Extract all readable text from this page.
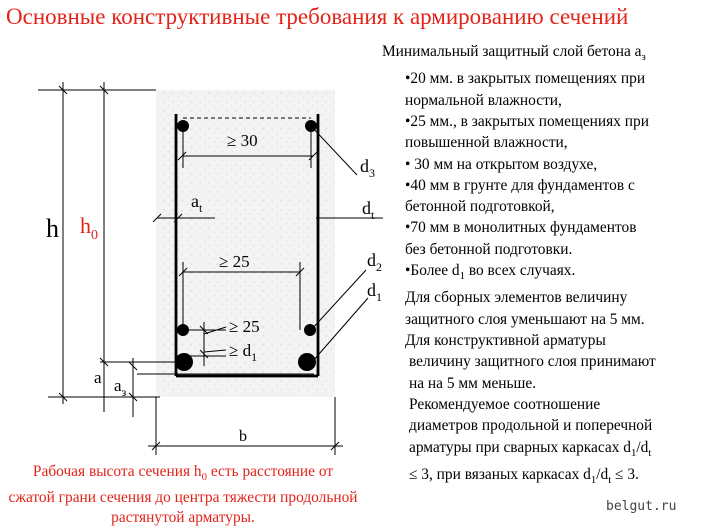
Основные конструктивные требования к армированию сечений
h $h_0$
a $a_з$
$a_t$
b
≥ 30
≥ 25
≥ 25
≥ $d_1$
$d_3$
$d_t$
$d_2$
$d_1$
Минимальный защитный слой бетона $a_з$
•20 мм. в закрытых помещениях при
нормальной влажности,
•25 мм., в закрытых помещениях при
повышенной влажности,
• 30 мм на открытом воздухе,
•40 мм в грунте для фундаментов с
бетонной подготовкой,
•70 мм в монолитных фундаментов
без бетонной подготовки.
•Более $d_1$ во всех случаях.
Для сборных элементов величину
защитного слоя уменьшают на 5 мм.
Для конструктивной арматуры
величину защитного слоя принимают
на на 5 мм меньше.
Рекомендуемое соотношение
диаметров продольной и поперечной
арматуры при сварных каркасах $d_1/d_t$
≤ 3, при вязаных каркасах $d_1/d_t \le 3$.
Рабочая высота сечения $h_0$ есть расстояние от сжатой грани сечения до центра тяжести продольной растянутой арматуры.
belgut.ru
